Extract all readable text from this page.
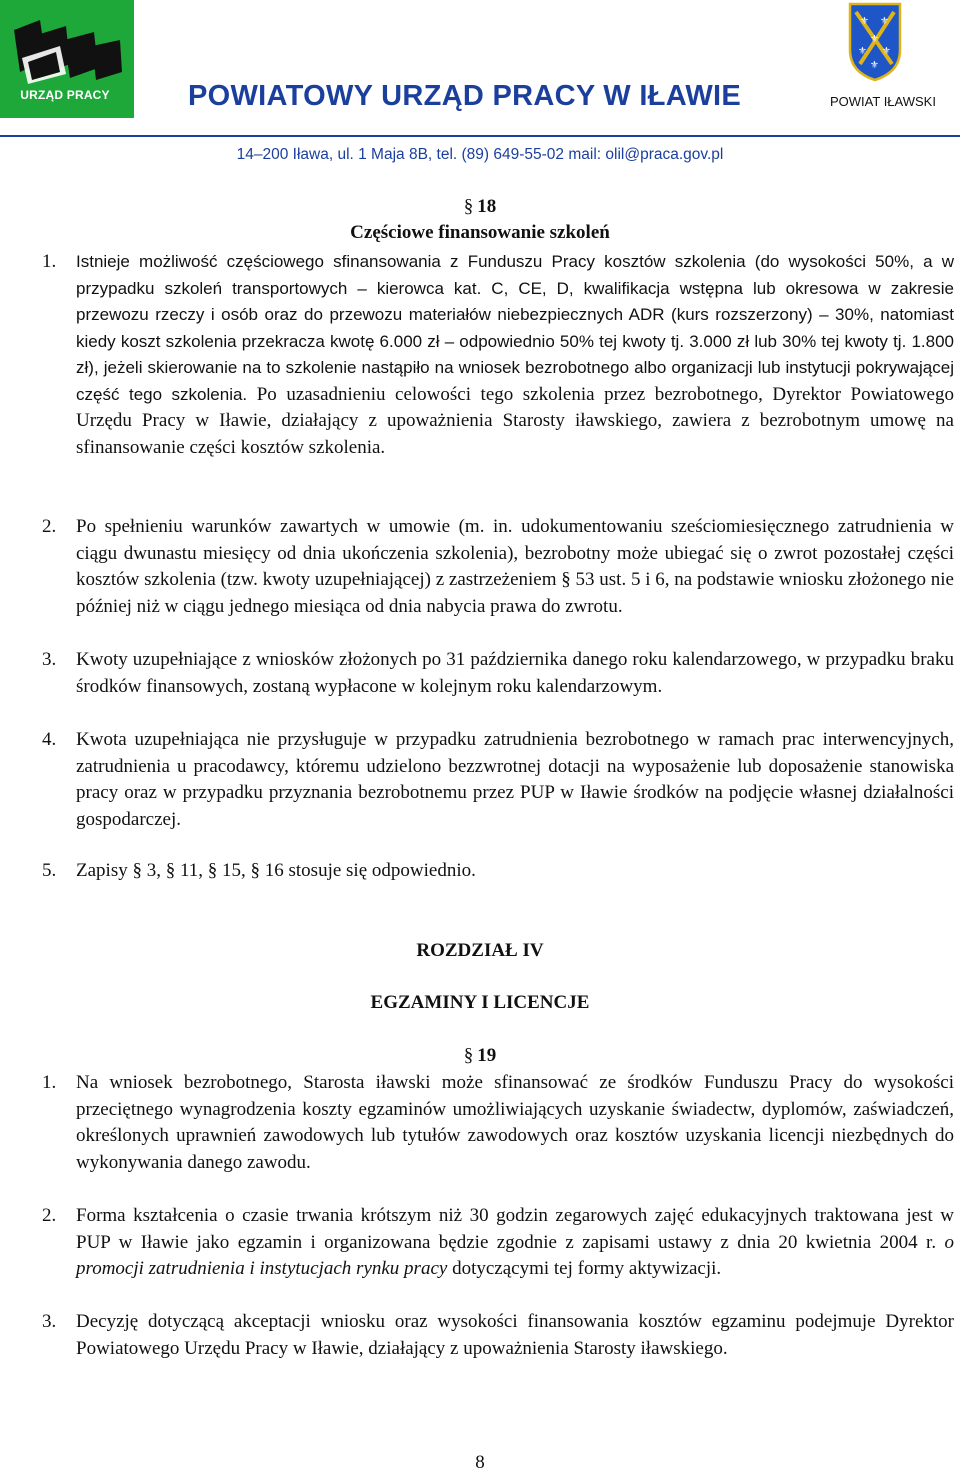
URZĄD PRACY	POWIATOWY URZĄD PRACY W IŁAWIE
⚜ ⚜
⚜
⚜ ⚜
⚜
POWIAT IŁAWSKI
14–200 Iława, ul. 1 Maja 8B, tel. (89) 649-55-02 mail: olil@praca.gov.pl
§ 18
Częściowe finansowanie szkoleń
1. Istnieje możliwość częściowego sfinansowania z Funduszu Pracy kosztów szkolenia (do wysokości 50%, a w przypadku szkoleń transportowych – kierowca kat. C, CE, D, kwalifikacja wstępna lub okresowa w zakresie przewozu rzeczy i osób oraz do przewozu materiałów niebezpiecznych ADR (kurs rozszerzony) – 30%, natomiast kiedy koszt szkolenia przekracza kwotę 6.000 zł – odpowiednio 50% tej kwoty tj. 3.000 zł lub 30% tej kwoty tj. 1.800 zł), jeżeli skierowanie na to szkolenie nastąpiło na wniosek bezrobotnego albo organizacji lub instytucji pokrywającej część tego szkolenia. Po uzasadnieniu celowości tego szkolenia przez bezrobotnego, Dyrektor Powiatowego Urzędu Pracy w Iławie, działający z upoważnienia Starosty iławskiego, zawiera z bezrobotnym umowę na sfinansowanie części kosztów szkolenia.
2. Po spełnieniu warunków zawartych w umowie (m. in. udokumentowaniu sześciomiesięcznego zatrudnienia w ciągu dwunastu miesięcy od dnia ukończenia szkolenia), bezrobotny może ubiegać się o zwrot pozostałej części kosztów szkolenia (tzw. kwoty uzupełniającej) z zastrzeżeniem § 53 ust. 5 i 6, na podstawie wniosku złożonego nie później niż w ciągu jednego miesiąca od dnia nabycia prawa do zwrotu.
3. Kwoty uzupełniające z wniosków złożonych po 31 października danego roku kalendarzowego, w przypadku braku środków finansowych, zostaną wypłacone w kolejnym roku kalendarzowym.
4. Kwota uzupełniająca nie przysługuje w przypadku zatrudnienia bezrobotnego w ramach prac interwencyjnych, zatrudnienia u pracodawcy, któremu udzielono bezzwrotnej dotacji na wyposażenie lub doposażenie stanowiska pracy oraz w przypadku przyznania bezrobotnemu przez PUP w Iławie środków na podjęcie własnej działalności gospodarczej.
5. Zapisy § 3, § 11, § 15, § 16 stosuje się odpowiednio.
ROZDZIAŁ IV
EGZAMINY I LICENCJE
§ 19
1. Na wniosek bezrobotnego, Starosta iławski może sfinansować ze środków Funduszu Pracy do wysokości przeciętnego wynagrodzenia koszty egzaminów umożliwiających uzyskanie świadectw, dyplomów, zaświadczeń, określonych uprawnień zawodowych lub tytułów zawodowych oraz kosztów uzyskania licencji niezbędnych do wykonywania danego zawodu.
2. Forma kształcenia o czasie trwania krótszym niż 30 godzin zegarowych zajęć edukacyjnych traktowana jest w PUP w Iławie jako egzamin i organizowana będzie zgodnie z zapisami ustawy z dnia 20 kwietnia 2004 r. o promocji zatrudnienia i instytucjach rynku pracy dotyczącymi tej formy aktywizacji.
3. Decyzję dotyczącą akceptacji wniosku oraz wysokości finansowania kosztów egzaminu podejmuje Dyrektor Powiatowego Urzędu Pracy w Iławie, działający z upoważnienia Starosty iławskiego.
8
